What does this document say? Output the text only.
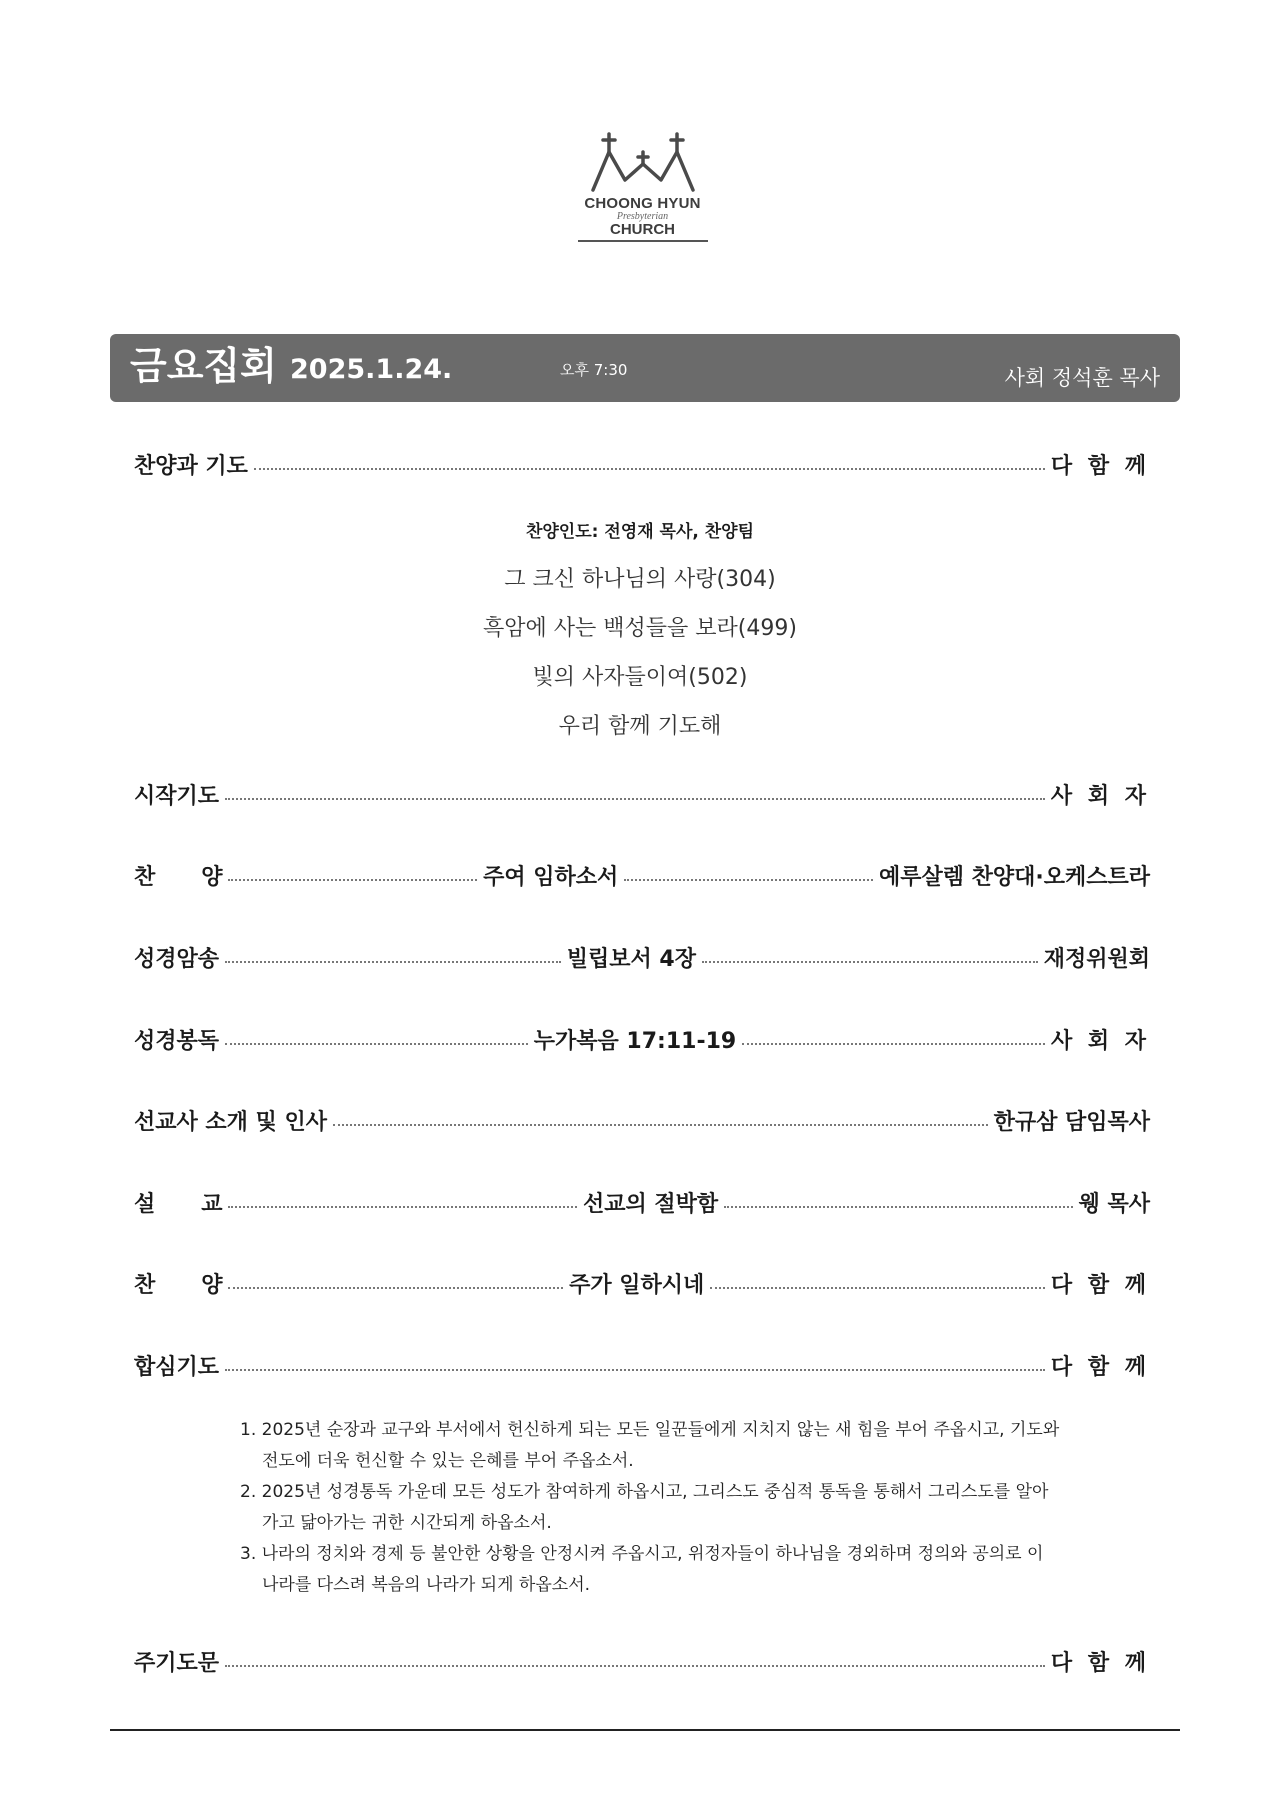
CHOONG HYUN
Presbyterian
CHURCH
금요집회 2025.1.24.	오후 7:30	사회 정석훈 목사
찬양과 기도	다 함 께
찬양인도: 전영재 목사, 찬양팀
그 크신 하나님의 사랑(304)
흑암에 사는 백성들을 보라(499)
빛의 사자들이여(502)
우리 함께 기도해
시작기도	사 회 자
찬      양	주여 임하소서	예루살렘 찬양대·오케스트라
성경암송	빌립보서 4장	재정위원회
성경봉독	누가복음 17:11-19	사 회 자
선교사 소개 및 인사	한규삼 담임목사
설      교	선교의 절박함	웽 목사
찬      양	주가 일하시네	다 함 께
합심기도	다 함 께
1. 2025년 순장과 교구와 부서에서 헌신하게 되는 모든 일꾼들에게 지치지 않는 새 힘을 부어 주옵시고, 기도와 전도에 더욱 헌신할 수 있는 은혜를 부어 주옵소서.
2. 2025년 성경통독 가운데 모든 성도가 참여하게 하옵시고, 그리스도 중심적 통독을 통해서 그리스도를 알아가고 닮아가는 귀한 시간되게 하옵소서.
3. 나라의 정치와 경제 등 불안한 상황을 안정시켜 주옵시고, 위정자들이 하나님을 경외하며 정의와 공의로 이 나라를 다스려 복음의 나라가 되게 하옵소서.
주기도문	다 함 께
